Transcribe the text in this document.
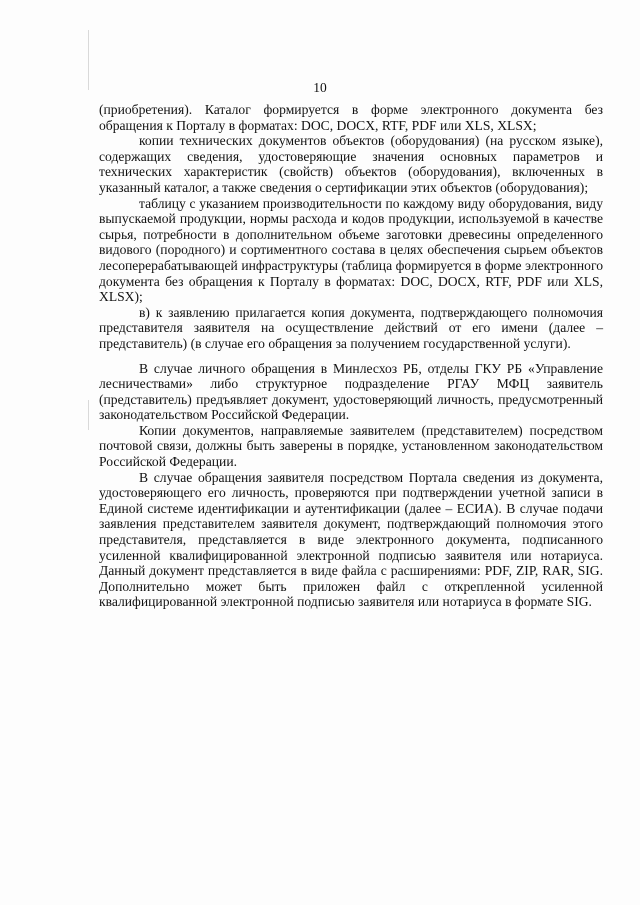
10

(приобретения). Каталог формируется в форме электронного документа без обращения к Порталу в форматах: DOC, DOCX, RTF, PDF или XLS, XLSX;

копии технических документов объектов (оборудования) (на русском языке), содержащих сведения, удостоверяющие значения основных параметров и технических характеристик (свойств) объектов (оборудования), включенных в указанный каталог, а также сведения о сертификации этих объектов (оборудования);

таблицу с указанием производительности по каждому виду оборудования, виду выпускаемой продукции, нормы расхода и кодов продукции, используемой в качестве сырья, потребности в дополнительном объеме заготовки древесины определенного видового (породного) и сортиментного состава в целях обеспечения сырьем объектов лесоперерабатывающей инфраструктуры (таблица формируется в форме электронного документа без обращения к Порталу в форматах: DOC, DOCX, RTF, PDF или XLS, XLSX);

в) к заявлению прилагается копия документа, подтверждающего полномочия представителя заявителя на осуществление действий от его имени (далее – представитель) (в случае его обращения за получением государственной услуги).

В случае личного обращения в Минлесхоз РБ, отделы ГКУ РБ «Управление лесничествами» либо структурное подразделение РГАУ МФЦ заявитель (представитель) предъявляет документ, удостоверяющий личность, предусмотренный законодательством Российской Федерации.

Копии документов, направляемые заявителем (представителем) посредством почтовой связи, должны быть заверены в порядке, установленном законодательством Российской Федерации.

В случае обращения заявителя посредством Портала сведения из документа, удостоверяющего его личность, проверяются при подтверждении учетной записи в Единой системе идентификации и аутентификации (далее – ЕСИА). В случае подачи заявления представителем заявителя документ, подтверждающий полномочия этого представителя, представляется в виде электронного документа, подписанного усиленной квалифицированной электронной подписью заявителя или нотариуса. Данный документ представляется в виде файла с расширениями: PDF, ZIP, RAR, SIG. Дополнительно может быть приложен файл с открепленной усиленной квалифицированной электронной подписью заявителя или нотариуса в формате SIG.
